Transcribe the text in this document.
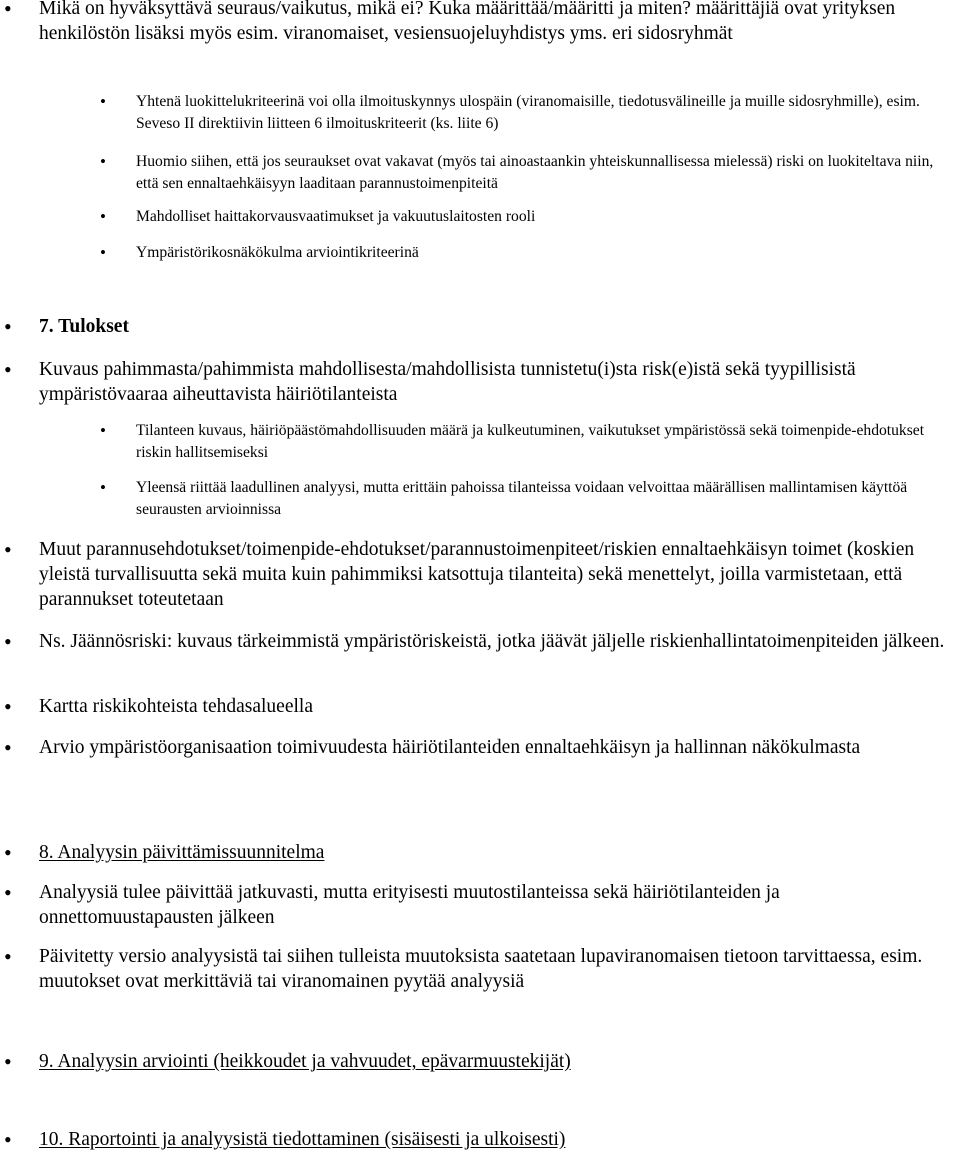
• Mikä on hyväksyttävä seuraus/vaikutus, mikä ei? Kuka määrittää/määritti ja miten? määrittäjiä ovat yrityksen henkilöstön lisäksi myös esim. viranomaiset, vesiensuojeluyhdistys yms. eri sidosryhmät
• Yhtenä luokittelukriteerinä voi olla ilmoituskynnys ulospäin (viranomaisille, tiedotusvälineille ja muille sidosryhmille), esim. Seveso II direktiivin liitteen 6 ilmoituskriteerit (ks. liite 6)
• Huomio siihen, että jos seuraukset ovat vakavat (myös tai ainoastaankin yhteiskunnallisessa mielessä) riski on luokiteltava niin, että sen ennaltaehkäisyyn laaditaan parannustoimenpiteitä
• Mahdolliset haittakorvausvaatimukset ja vakuutuslaitosten rooli
• Ympäristörikosnäkökulma arviointikriteerinä
• 7. Tulokset
• Kuvaus pahimmasta/pahimmista mahdollisesta/mahdollisista tunnistetu(i)sta risk(e)istä sekä tyypillisistä ympäristövaaraa aiheuttavista häiriötilanteista
• Tilanteen kuvaus, häiriöpäästömahdollisuuden määrä ja kulkeutuminen, vaikutukset ympäristössä sekä toimenpide-ehdotukset riskin hallitsemiseksi
• Yleensä riittää laadullinen analyysi, mutta erittäin pahoissa tilanteissa voidaan velvoittaa määrällisen mallintamisen käyttöä seurausten arvioinnissa
• Muut parannusehdotukset/toimenpide-ehdotukset/parannustoimenpiteet/riskien ennaltaehkäisyn toimet (koskien yleistä turvallisuutta sekä muita kuin pahimmiksi katsottuja tilanteita) sekä menettelyt, joilla varmistetaan, että parannukset toteutetaan
• Ns. Jäännösriski: kuvaus tärkeimmistä ympäristöriskeistä, jotka jäävät jäljelle riskienhallintatoimenpiteiden jälkeen.
• Kartta riskikohteista tehdasalueella
• Arvio ympäristöorganisaation toimivuudesta häiriötilanteiden ennaltaehkäisyn ja hallinnan näkökulmasta
• 8. Analyysin päivittämissuunnitelma
• Analyysiä tulee päivittää jatkuvasti, mutta erityisesti muutostilanteissa sekä häiriötilanteiden ja onnettomuustapausten jälkeen
• Päivitetty versio analyysistä tai siihen tulleista muutoksista saatetaan lupaviranomaisen tietoon tarvittaessa, esim. muutokset ovat merkittäviä tai viranomainen pyytää analyysiä
• 9. Analyysin arviointi (heikkoudet ja vahvuudet, epävarmuustekijät)
• 10. Raportointi ja analyysistä tiedottaminen (sisäisesti ja ulkoisesti)
